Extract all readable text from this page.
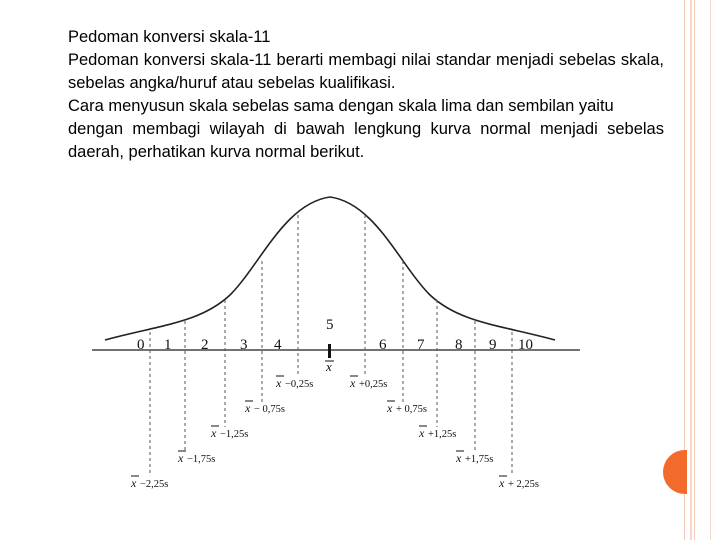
Pedoman konversi skala-11

Pedoman konversi skala-11 berarti membagi nilai standar menjadi sebelas skala, sebelas angka/huruf atau sebelas kualifikasi.

Cara menyusun skala sebelas sama dengan skala lima dan sembilan yaitu

dengan membagi wilayah di bawah lengkung kurva normal menjadi sebelas daerah, perhatikan kurva normal berikut.

0 1 2 3 4
5
6 7 8 9 10
x
x +0,25s
x + 0,75s
x +1,25s
x +1,75s
x + 2,25s
x −0,25s
x − 0,75s
x −1,25s
x −1,75s
x −2,25s
